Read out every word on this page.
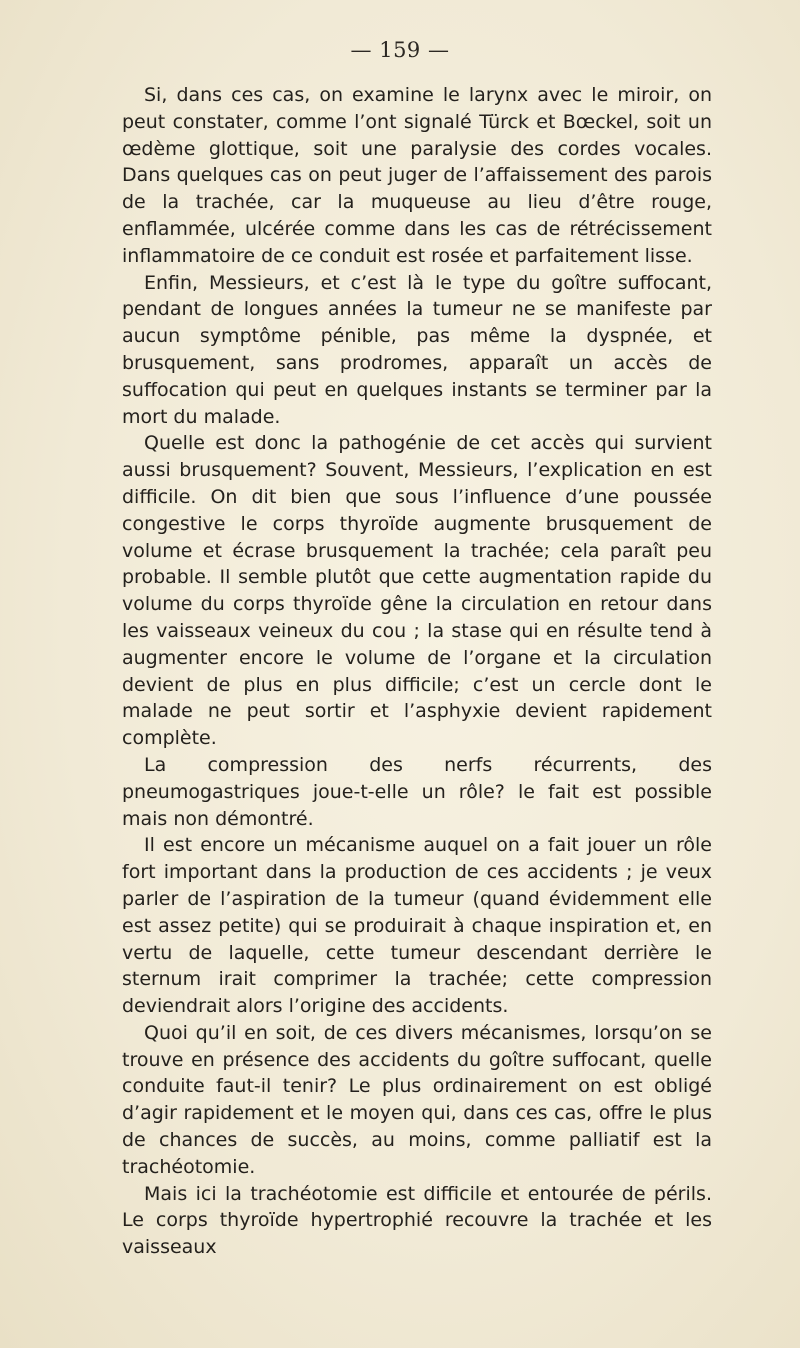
— 159 —

Si, dans ces cas, on examine le larynx avec le miroir, on peut constater, comme l’ont signalé Türck et Bœckel, soit un œdème glottique, soit une paralysie des cordes vocales. Dans quelques cas on peut juger de l’affaissement des parois de la trachée, car la muqueuse au lieu d’être rouge, enflammée, ulcérée comme dans les cas de rétrécissement inflammatoire de ce conduit est rosée et parfaitement lisse.

Enfin, Messieurs, et c’est là le type du goître suffocant, pendant de longues années la tumeur ne se manifeste par aucun symptôme pénible, pas même la dyspnée, et brusquement, sans prodromes, apparaît un accès de suffocation qui peut en quelques instants se terminer par la mort du malade.

Quelle est donc la pathogénie de cet accès qui survient aussi brusquement? Souvent, Messieurs, l’explication en est difficile. On dit bien que sous l’influence d’une poussée congestive le corps thyroïde augmente brusquement de volume et écrase brusquement la trachée; cela paraît peu probable. Il semble plutôt que cette augmentation rapide du volume du corps thyroïde gêne la circulation en retour dans les vaisseaux veineux du cou ; la stase qui en résulte tend à augmenter encore le volume de l’organe et la circulation devient de plus en plus difficile; c’est un cercle dont le malade ne peut sortir et l’asphyxie devient rapidement complète.

La compression des nerfs récurrents, des pneumogastriques joue-t-elle un rôle? le fait est possible mais non démontré.

Il est encore un mécanisme auquel on a fait jouer un rôle fort important dans la production de ces accidents ; je veux parler de l’aspiration de la tumeur (quand évidemment elle est assez petite) qui se produirait à chaque inspiration et, en vertu de laquelle, cette tumeur descendant derrière le sternum irait comprimer la trachée; cette compression deviendrait alors l’origine des accidents.

Quoi qu’il en soit, de ces divers mécanismes, lorsqu’on se trouve en présence des accidents du goître suffocant, quelle conduite faut-il tenir? Le plus ordinairement on est obligé d’agir rapidement et le moyen qui, dans ces cas, offre le plus de chances de succès, au moins, comme palliatif est la trachéotomie.

Mais ici la trachéotomie est difficile et entourée de périls. Le corps thyroïde hypertrophié recouvre la trachée et les vaisseaux
